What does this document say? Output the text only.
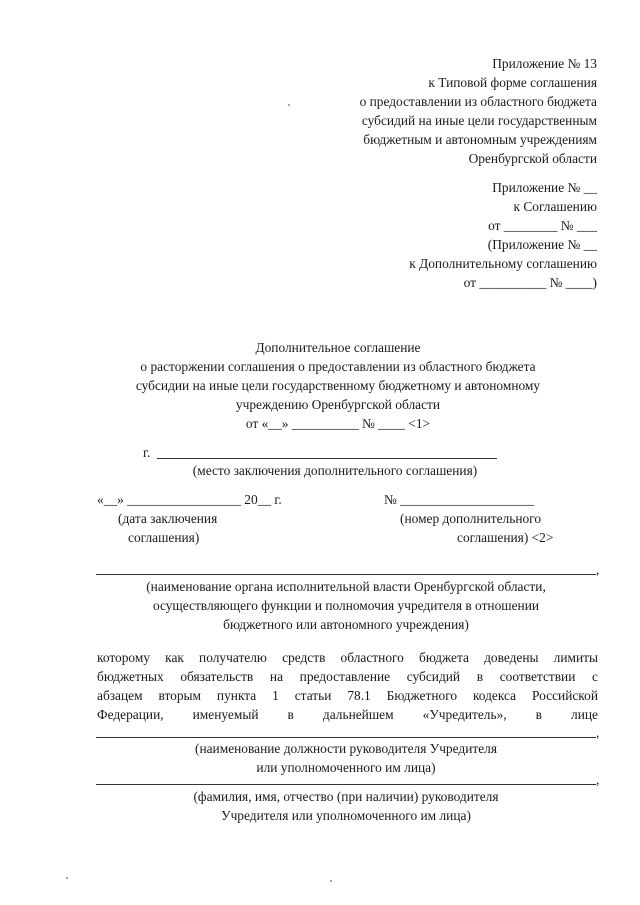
Приложение № 13
к Типовой форме соглашения
о предоставлении из областного бюджета
субсидий на иные цели государственным
бюджетным и автономным учреждениям
Оренбургской области
Приложение № __
к Соглашению
от ________ № ___
(Приложение № __
к Дополнительному соглашению
от __________ № ____)
Дополнительное соглашение
о расторжении соглашения о предоставлении из областного бюджета
субсидии на иные цели государственному бюджетному и автономному
учреждению Оренбургской области
от «__» __________ № ____ <1>
г.
(место заключения дополнительного соглашения)
«__» _________________ 20__ г.
(дата заключения
соглашения)
№ ____________________
(номер дополнительного
соглашения) <2>
,
(наименование органа исполнительной власти Оренбургской области,
осуществляющего функции и полномочия учредителя в отношении
бюджетного или автономного учреждения)
которому как получателю средств областного бюджета доведены лимиты
бюджетных обязательств на предоставление субсидий в соответствии с
абзацем вторым пункта 1 статьи 78.1 Бюджетного кодекса Российской
Федерации, именуемый в дальнейшем «Учредитель», в лице
,
(наименование должности руководителя Учредителя
или уполномоченного им лица)
,
(фамилия, имя, отчество (при наличии) руководителя
Учредителя или уполномоченного им лица)
